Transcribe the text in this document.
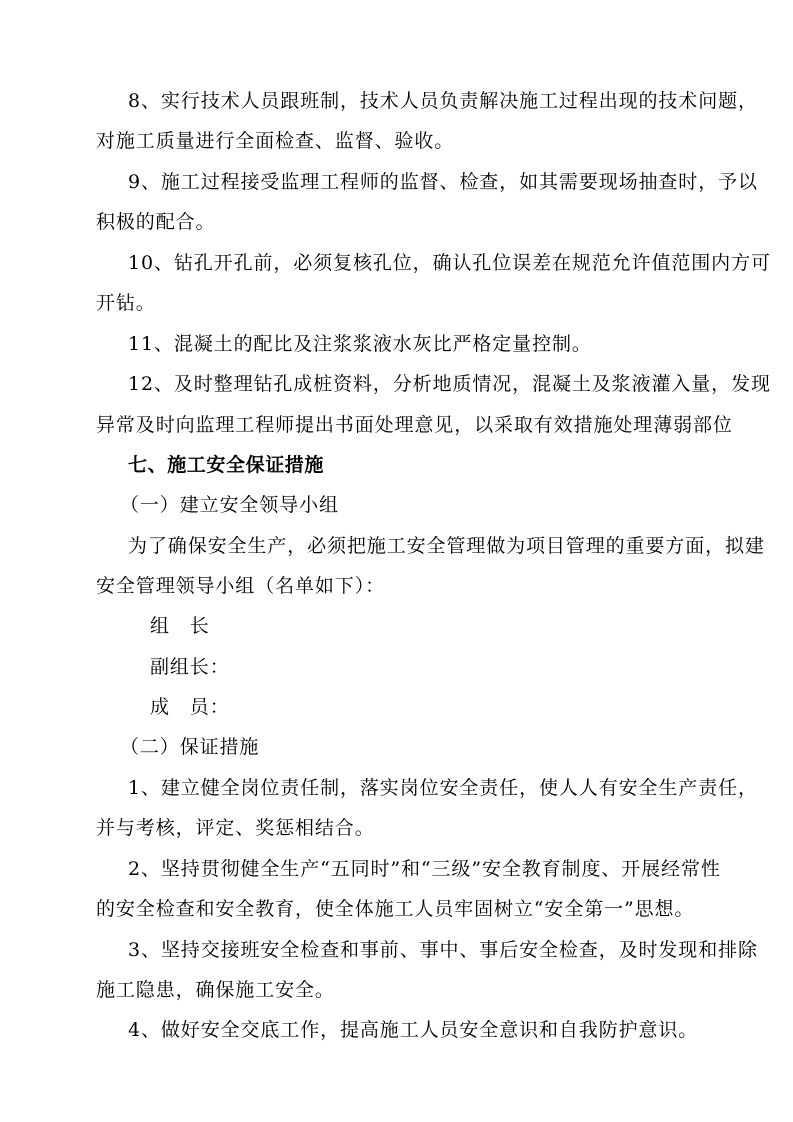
8、实行技术人员跟班制，技术人员负责解决施工过程出现的技术问题，
对施工质量进行全面检查、监督、验收。
9、施工过程接受监理工程师的监督、检查，如其需要现场抽查时，予以
积极的配合。
10、钻孔开孔前，必须复核孔位，确认孔位误差在规范允许值范围内方可
开钻。
11、混凝土的配比及注浆浆液水灰比严格定量控制。
12、及时整理钻孔成桩资料，分析地质情况，混凝土及浆液灌入量，发现
异常及时向监理工程师提出书面处理意见，以采取有效措施处理薄弱部位
七、施工安全保证措施
（一）建立安全领导小组
为了确保安全生产，必须把施工安全管理做为项目管理的重要方面，拟建
安全管理领导小组（名单如下）：
组　长
副组长：
成　员：
（二）保证措施
1、建立健全岗位责任制，落实岗位安全责任，使人人有安全生产责任，
并与考核，评定、奖惩相结合。
2、坚持贯彻健全生产“五同时”和“三级”安全教育制度、开展经常性
的安全检查和安全教育，使全体施工人员牢固树立“安全第一”思想。
3、坚持交接班安全检查和事前、事中、事后安全检查，及时发现和排除
施工隐患，确保施工安全。
4、做好安全交底工作，提高施工人员安全意识和自我防护意识。
